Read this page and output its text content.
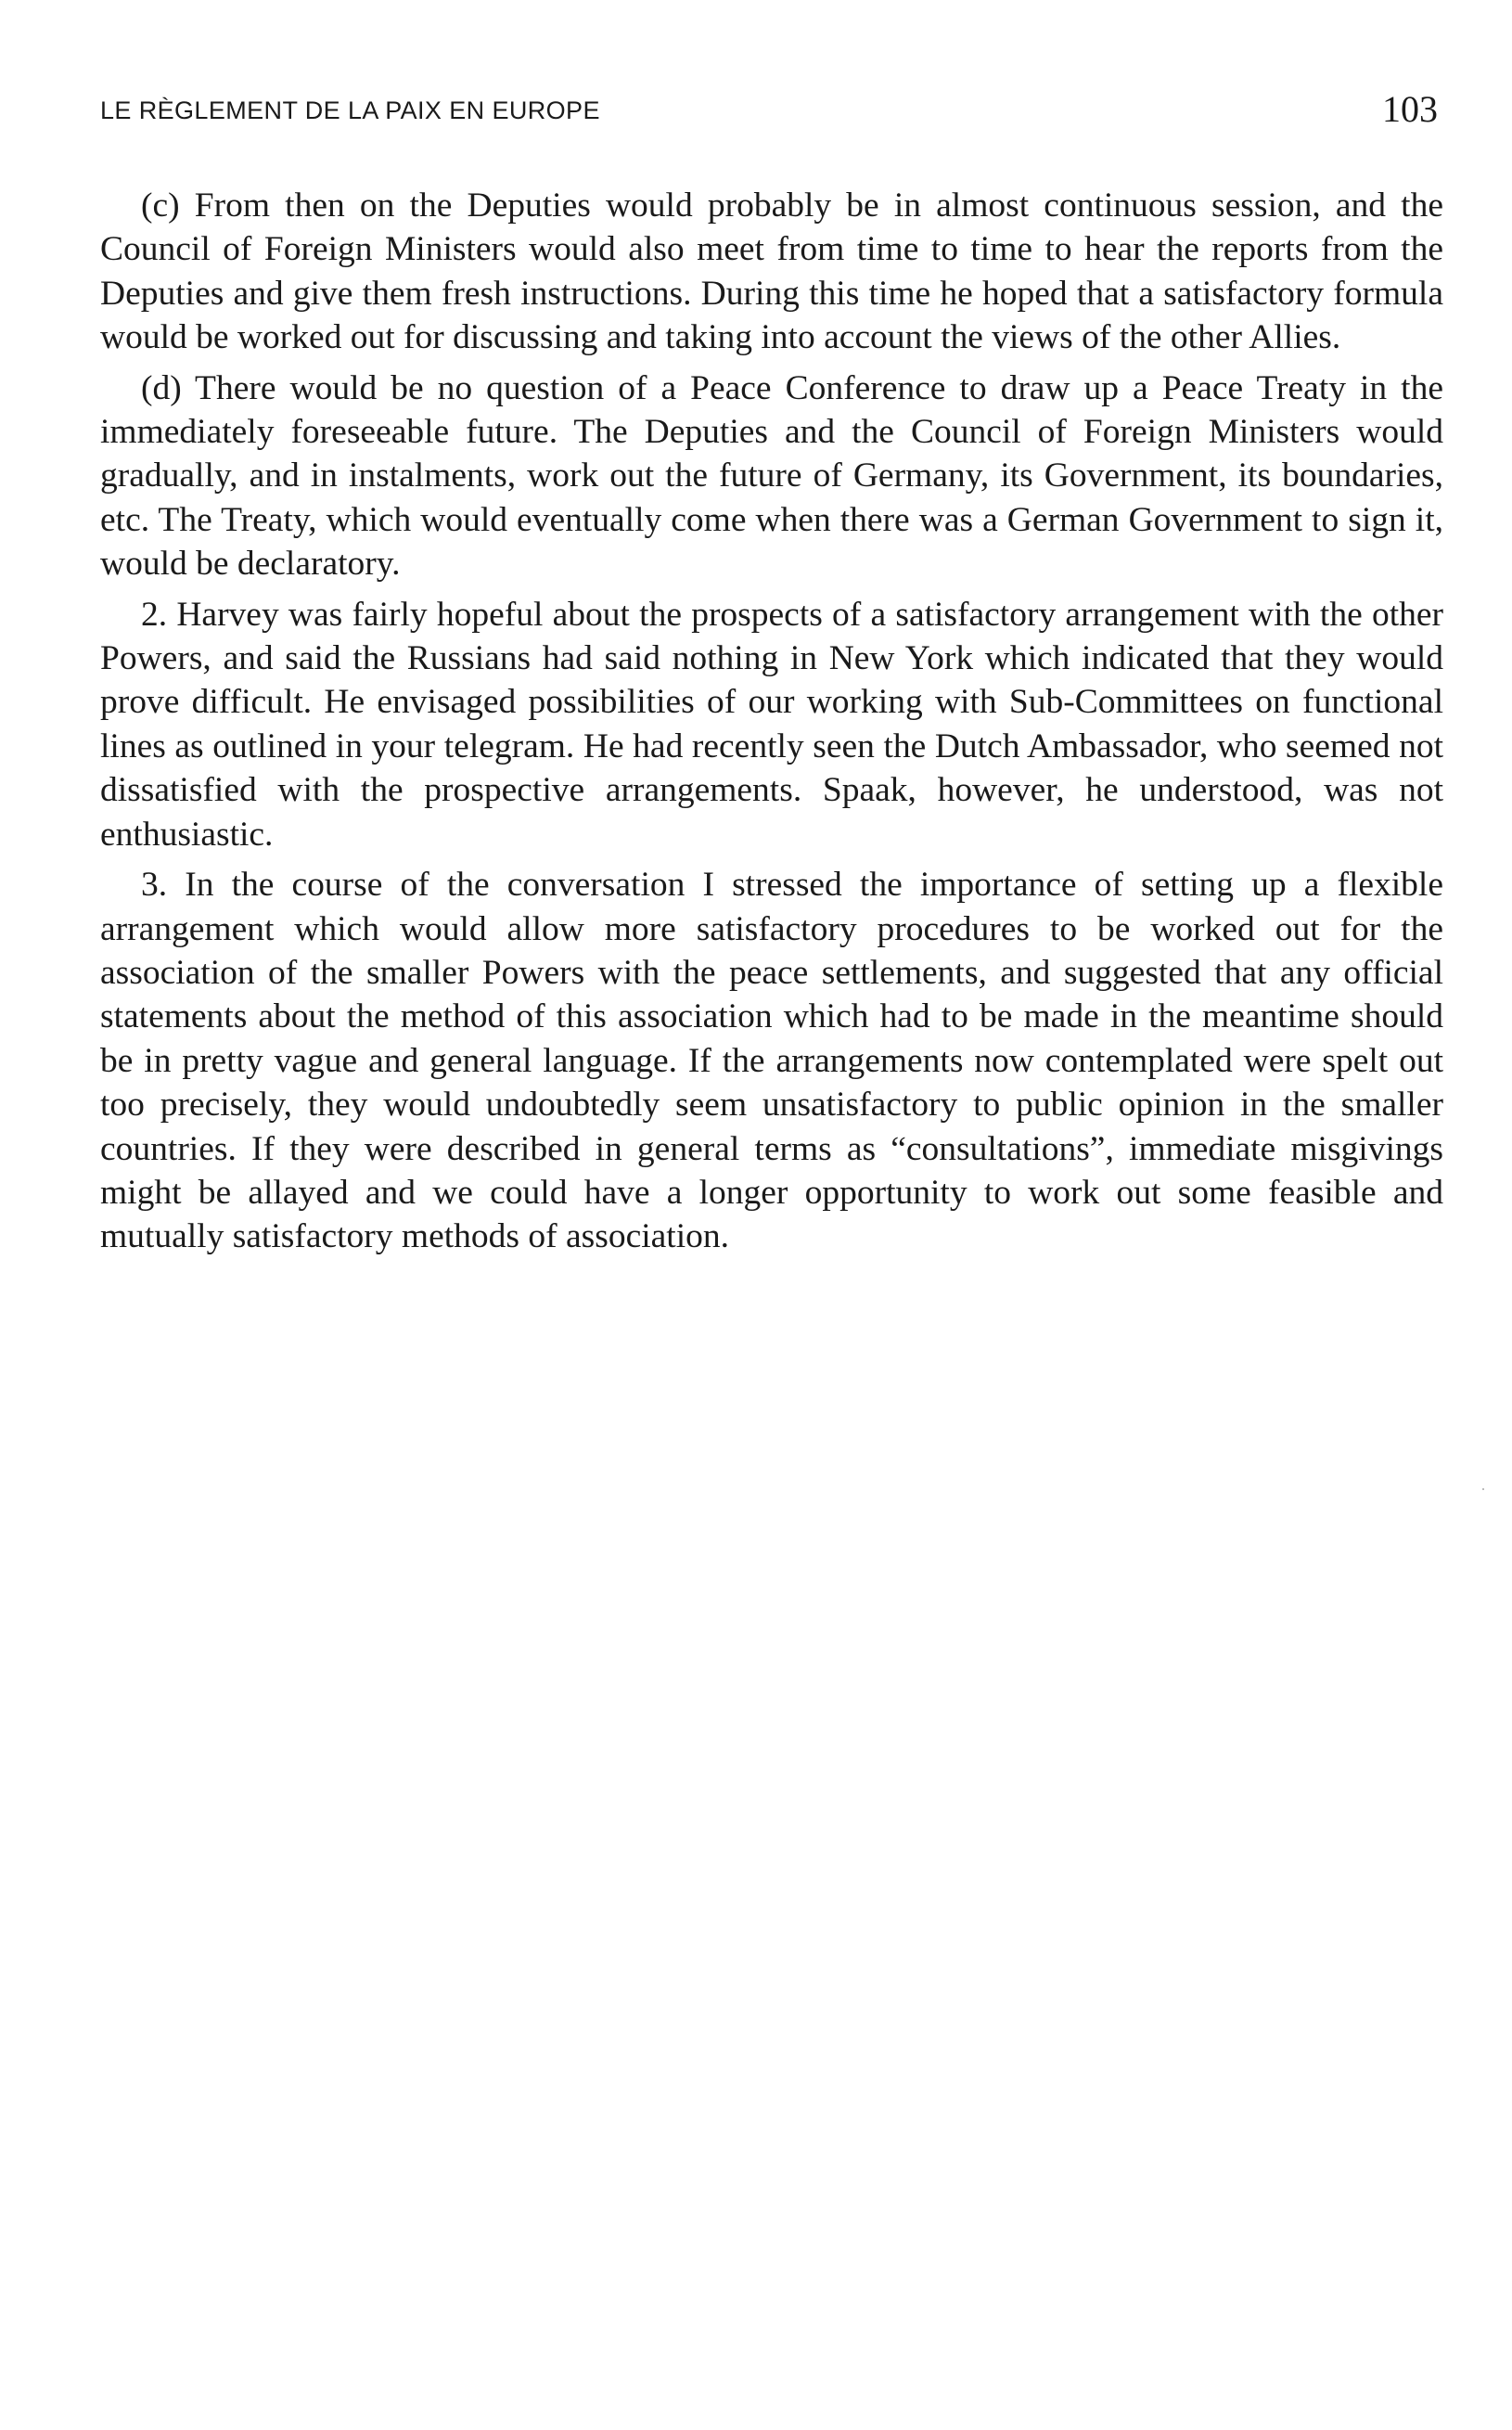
LE RÈGLEMENT DE LA PAIX EN EUROPE	103

(c) From then on the Deputies would probably be in almost continuous session, and the Council of Foreign Ministers would also meet from time to time to hear the reports from the Deputies and give them fresh instructions. During this time he hoped that a satisfactory formula would be worked out for discussing and taking into account the views of the other Allies.

(d) There would be no question of a Peace Conference to draw up a Peace Treaty in the immediately foreseeable future. The Deputies and the Council of Foreign Ministers would gradually, and in instalments, work out the future of Germany, its Government, its boundaries, etc. The Treaty, which would eventually come when there was a German Government to sign it, would be declaratory.

2. Harvey was fairly hopeful about the prospects of a satisfactory arrangement with the other Powers, and said the Russians had said nothing in New York which indicated that they would prove difficult. He envisaged possibilities of our working with Sub-Committees on functional lines as outlined in your telegram. He had recently seen the Dutch Ambassador, who seemed not dissatisfied with the prospective arrangements. Spaak, however, he understood, was not enthusiastic.

3. In the course of the conversation I stressed the importance of setting up a flexible arrangement which would allow more satisfactory procedures to be worked out for the association of the smaller Powers with the peace settlements, and suggested that any official statements about the method of this association which had to be made in the meantime should be in pretty vague and general language. If the arrangements now contemplated were spelt out too precisely, they would undoubtedly seem unsatisfactory to public opinion in the smaller countries. If they were described in general terms as “consultations”, immediate misgivings might be allayed and we could have a longer opportunity to work out some feasible and mutually satisfactory methods of association.
